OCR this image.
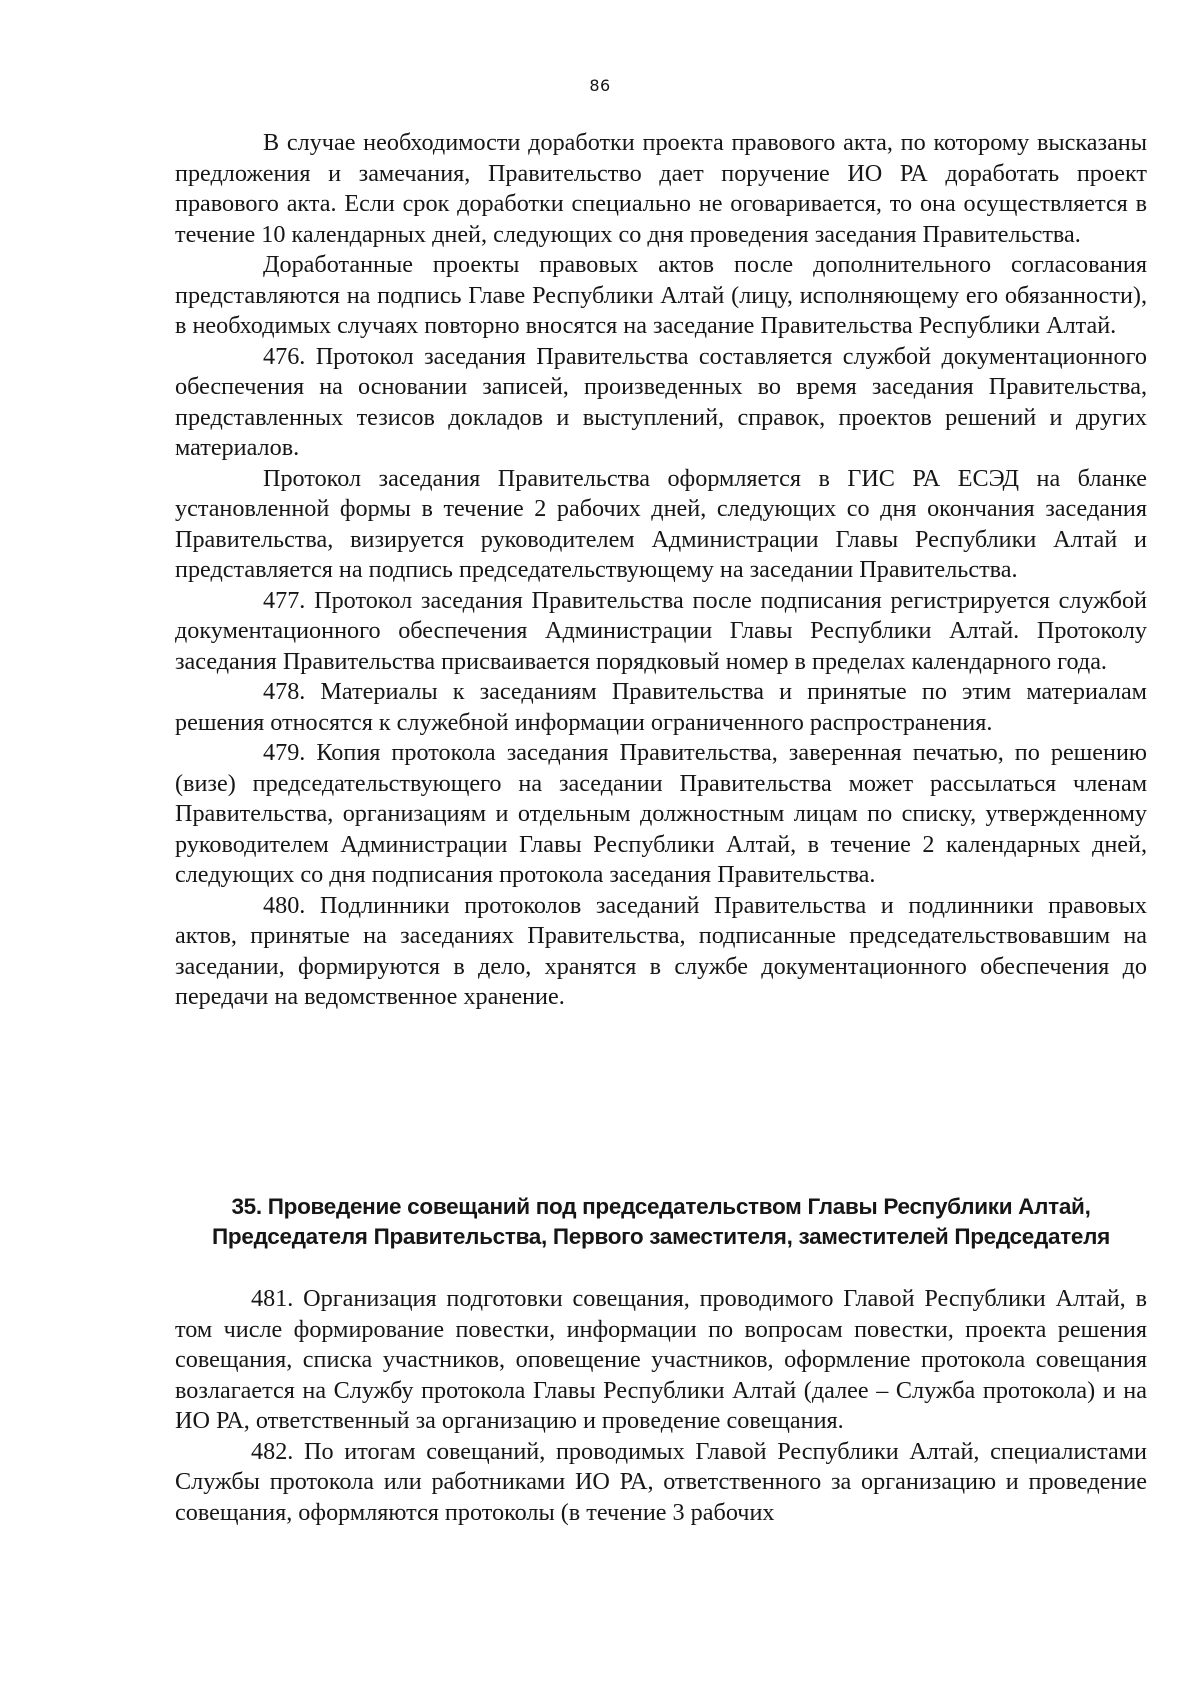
86

В случае необходимости доработки проекта правового акта, по которому высказаны предложения и замечания, Правительство дает поручение ИО РА доработать проект правового акта. Если срок доработки специально не оговаривается, то она осуществляется в течение 10 календарных дней, следующих со дня проведения заседания Правительства.

Доработанные проекты правовых актов после дополнительного согласования представляются на подпись Главе Республики Алтай (лицу, исполняющему его обязанности), в необходимых случаях повторно вносятся на заседание Правительства Республики Алтай.

476. Протокол заседания Правительства составляется службой документационного обеспечения на основании записей, произведенных во время заседания Правительства, представленных тезисов докладов и выступлений, справок, проектов решений и других материалов.

Протокол заседания Правительства оформляется в ГИС РА ЕСЭД на бланке установленной формы в течение 2 рабочих дней, следующих со дня окончания заседания Правительства, визируется руководителем Администрации Главы Республики Алтай и представляется на подпись председательствующему на заседании Правительства.

477. Протокол заседания Правительства после подписания регистрируется службой документационного обеспечения Администрации Главы Республики Алтай. Протоколу заседания Правительства присваивается порядковый номер в пределах календарного года.

478. Материалы к заседаниям Правительства и принятые по этим материалам решения относятся к служебной информации ограниченного распространения.

479. Копия протокола заседания Правительства, заверенная печатью, по решению (визе) председательствующего на заседании Правительства может рассылаться членам Правительства, организациям и отдельным должностным лицам по списку, утвержденному руководителем Администрации Главы Республики Алтай, в течение 2 календарных дней, следующих со дня подписания протокола заседания Правительства.

480. Подлинники протоколов заседаний Правительства и подлинники правовых актов, принятые на заседаниях Правительства, подписанные председательствовавшим на заседании, формируются в дело, хранятся в службе документационного обеспечения до передачи на ведомственное хранение.

35. Проведение совещаний под председательством Главы Республики Алтай,
Председателя Правительства, Первого заместителя, заместителей Председателя

481. Организация подготовки совещания, проводимого Главой Республики Алтай, в том числе формирование повестки, информации по вопросам повестки, проекта решения совещания, списка участников, оповещение участников, оформление протокола совещания возлагается на Службу протокола Главы Республики Алтай (далее – Служба протокола) и на ИО РА, ответственный за организацию и проведение совещания.

482. По итогам совещаний, проводимых Главой Республики Алтай, специалистами Службы протокола или работниками ИО РА, ответственного за организацию и проведение совещания, оформляются протоколы (в течение 3 рабочих
